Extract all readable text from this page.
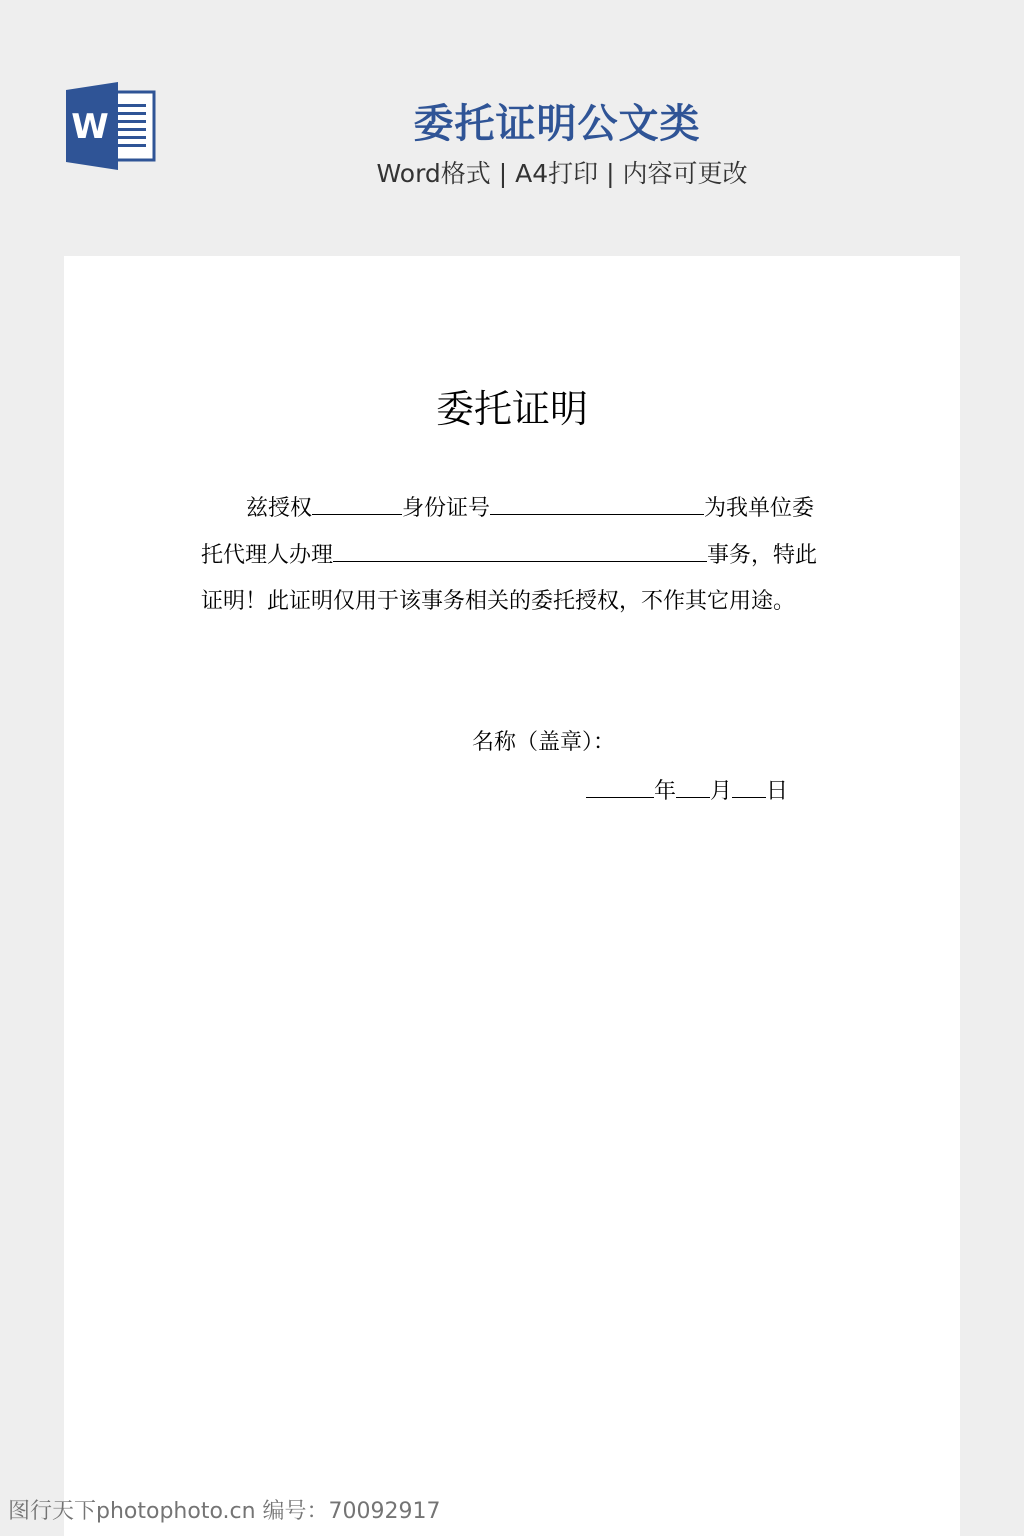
W	委托证明公文类
Word格式 | A4打印 | 内容可更改
委托证明
兹授权	身份证号	为我单位委
托代理人办理	事务，特此
证明！此证明仅用于该事务相关的委托授权，不作其它用途。
名称（盖章）：
年 月 日
图行天下photophoto.cn 编号：70092917
